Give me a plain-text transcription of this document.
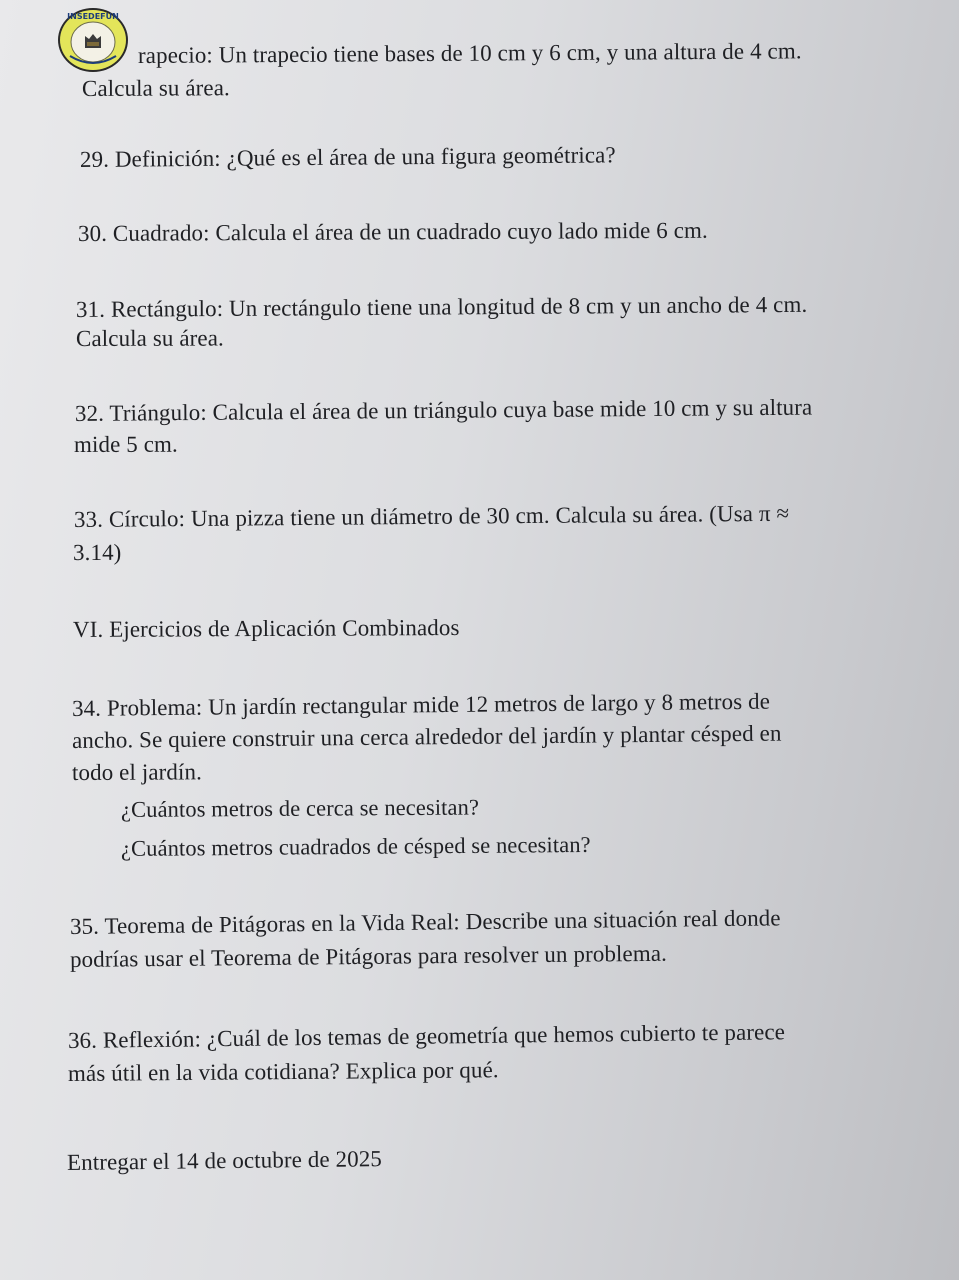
INSEDEFUN
rapecio: Un trapecio tiene bases de 10 cm y 6 cm, y una altura de 4 cm.
Calcula su área.
29. Definición: ¿Qué es el área de una figura geométrica?
30. Cuadrado: Calcula el área de un cuadrado cuyo lado mide 6 cm.
31. Rectángulo: Un rectángulo tiene una longitud de 8 cm y un ancho de 4 cm.
Calcula su área.
32. Triángulo: Calcula el área de un triángulo cuya base mide 10 cm y su altura
mide 5 cm.
33. Círculo: Una pizza tiene un diámetro de 30 cm. Calcula su área. (Usa π ≈
3.14)
VI. Ejercicios de Aplicación Combinados
34. Problema: Un jardín rectangular mide 12 metros de largo y 8 metros de
ancho. Se quiere construir una cerca alrededor del jardín y plantar césped en
todo el jardín.
¿Cuántos metros de cerca se necesitan?
¿Cuántos metros cuadrados de césped se necesitan?
35. Teorema de Pitágoras en la Vida Real: Describe una situación real donde
podrías usar el Teorema de Pitágoras para resolver un problema.
36. Reflexión: ¿Cuál de los temas de geometría que hemos cubierto te parece
más útil en la vida cotidiana? Explica por qué.
Entregar el 14 de octubre de 2025
